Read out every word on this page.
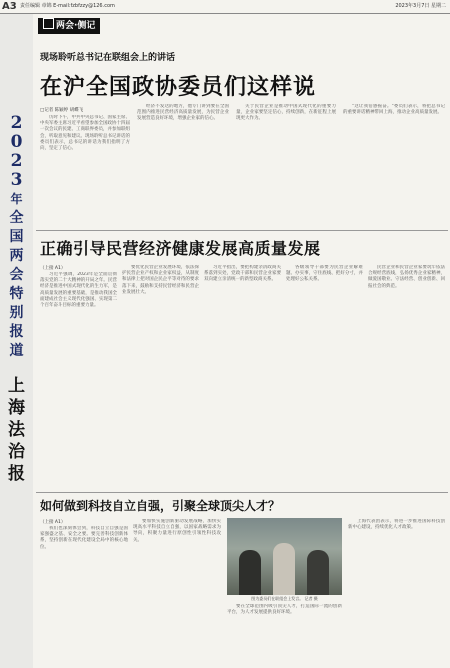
A3 责任编辑 章锦 E-mail:fzbfzzy@126.com	2023年3月7日 星期二
2
0
2
3
年
全
国
两
会
特
别
报
道
上
海
法
治
报
两会·侧记
现场聆听总书记在联组会上的讲话
在沪全国政协委员们这样说
□记者 陈颖婷 胡蝶飞

历时下午，中共中央总书记、国家主席、中央军委主席习近平看望参加全国政协十四届一次会议的民建、工商联界委员，并参加联组会，听取意见和建议。现场聆听总书记讲话的委员们表示，总书记的讲话为我们指明了方向，坚定了信心。

经济不发达的地方，他专门讲到要在全国范围内推进民营经济高质量发展，为民营企业发展营造良好环境，增强企业家的信心。

关于民营企业是推动中国式现代化的重要力量，企业家要坚定信心，持续创新，在新征程上展现更大作为。

"这让我倍感振奋。"委员们表示，将把总书记的重要讲话精神带回上海，推动企业高质量发展。

正确引导民营经济健康发展高质量发展
（上接 A1）

习近平强调，2023年是全面贯彻落实党的二十大精神的开局之年。民营经济是推进中国式现代化的生力军，是高质量发展的重要基础，是推动我国全面建成社会主义现代化强国、实现第二个百年奋斗目标的重要力量。

要优化民营企业发展环境，依法保护民营企业产权和企业家权益，从制度和法律上把对国企民企平等对待的要求落下来，鼓励和支持民营经济和民营企业发展壮大。

习近平指出，要把构建亲清政商关系落到实处，党政干部和民营企业家要双向建立亲清统一的新型政商关系。

各级领导干部要为民营企业解难题、办实事，守住底线、把好分寸，并处理好公私关系。

民营企业和民营企业家要筑牢依法合规经营底线，弘扬优秀企业家精神，做爱国敬业、守法经营、创业创新、回报社会的典范。

如何做到科技自立自强，引聚全球顶尖人才？
（上接 A1）

我们也深刻体会到，科技自立自强是国家强盛之基、安全之要。要完善科技创新体系，坚持创新在现代化建设全局中的核心地位。

要加快实施创新驱动发展战略，加快实现高水平科技自立自强，以国家战略需求为导向，积聚力量进行原创性引领性科技攻关。

要在全球范围内吸引顶尖人才，打造国际一流的创新平台，为人才发展提供良好环境。

上海代表团表示，将进一步推进国际科技创新中心建设，持续优化人才政策。

图为委员们在联组会上发言。 记者 摄
